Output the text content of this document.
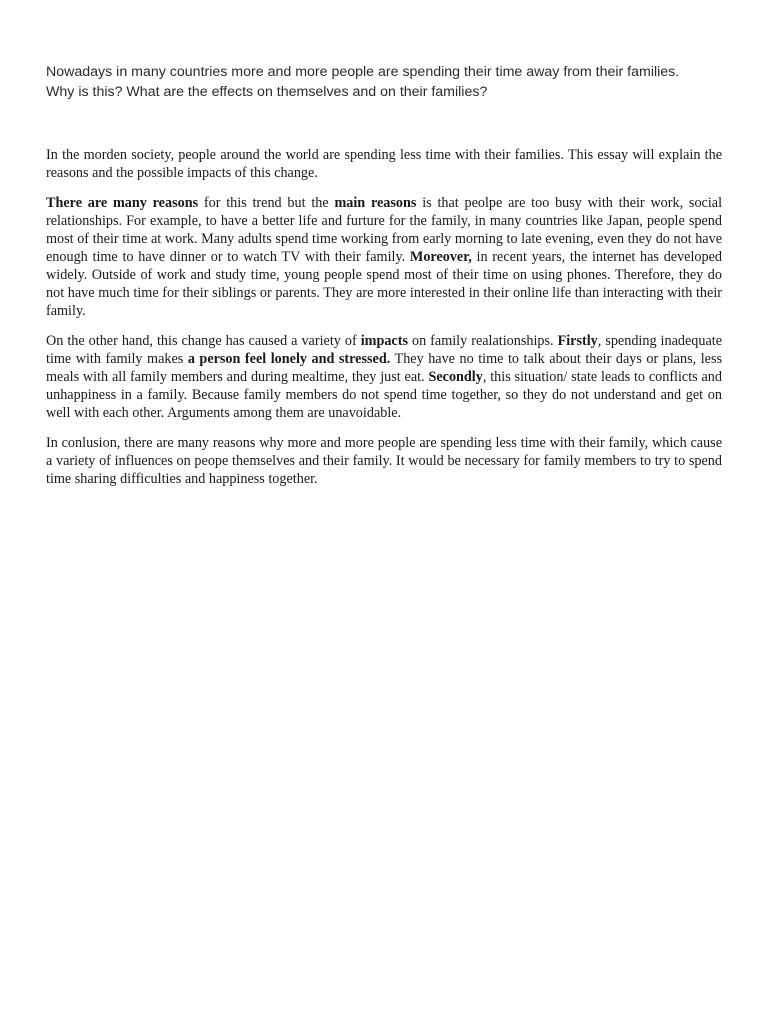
Nowadays in many countries more and more people are spending their time away from their families.
Why is this? What are the effects on themselves and on their families?

In the morden society, people around the world are spending less time with their families. This essay will explain the reasons and the possible impacts of this change.

There are many reasons for this trend but the main reasons is that peolpe are too busy with their work, social relationships. For example, to have a better life and furture for the family, in many countries like Japan, people spend most of their time at work. Many adults spend time working from early morning to late evening, even they do not have enough time to have dinner or to watch TV with their family. Moreover, in recent years, the internet has developed widely. Outside of work and study time, young people spend most of their time on using phones. Therefore, they do not have much time for their siblings or parents. They are more interested in their online life than interacting with their family.

On the other hand, this change has caused a variety of impacts on family realationships. Firstly, spending inadequate time with family makes a person feel lonely and stressed. They have no time to talk about their days or plans, less meals with all family members and during mealtime, they just eat. Secondly, this situation/ state leads to conflicts and unhappiness in a family. Because family members do not spend time together, so they do not understand and get on well with each other. Arguments among them are unavoidable.

In conlusion, there are many reasons why more and more people are spending less time with their family, which cause a variety of influences on peope themselves and their family. It would be necessary for family members to try to spend time sharing difficulties and happiness together.
